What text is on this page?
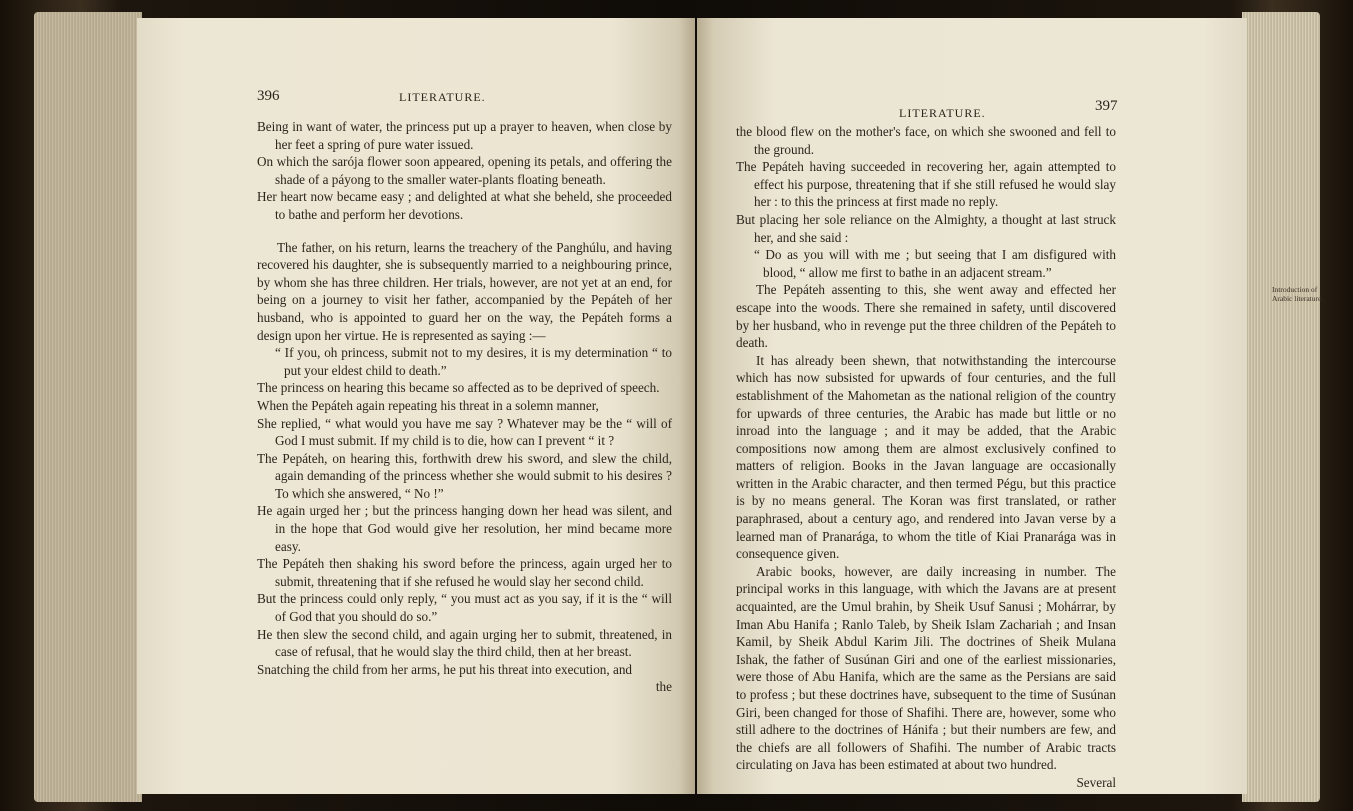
396	LITERATURE.

Being in want of water, the princess put up a prayer to heaven, when close by her feet a spring of pure water issued.

On which the sarója flower soon appeared, opening its petals, and offering the shade of a páyong to the smaller water-plants floating beneath.

Her heart now became easy ; and delighted at what she beheld, she proceeded to bathe and perform her devotions.

The father, on his return, learns the treachery of the Panghúlu, and having recovered his daughter, she is subsequently married to a neighbouring prince, by whom she has three children. Her trials, however, are not yet at an end, for being on a journey to visit her father, accompanied by the Pepáteh of her husband, who is appointed to guard her on the way, the Pepáteh forms a design upon her virtue. He is represented as saying :—

“ If you, oh princess, submit not to my desires, it is my determination “ to put your eldest child to death.”

The princess on hearing this became so affected as to be deprived of speech.

When the Pepáteh again repeating his threat in a solemn manner,

She replied, “ what would you have me say ? Whatever may be the “ will of God I must submit. If my child is to die, how can I prevent “ it ?

The Pepáteh, on hearing this, forthwith drew his sword, and slew the child, again demanding of the princess whether she would submit to his desires ? To which she answered, “ No !”

He again urged her ; but the princess hanging down her head was silent, and in the hope that God would give her resolution, her mind became more easy.

The Pepáteh then shaking his sword before the princess, again urged her to submit, threatening that if she refused he would slay her second child.

But the princess could only reply, “ you must act as you say, if it is the “ will of God that you should do so.”

He then slew the second child, and again urging her to submit, threatened, in case of refusal, that he would slay the third child, then at her breast.

Snatching the child from her arms, he put his threat into execution, and

the

LITERATURE.	397

the blood flew on the mother's face, on which she swooned and fell to the ground.

The Pepáteh having succeeded in recovering her, again attempted to effect his purpose, threatening that if she still refused he would slay her : to this the princess at first made no reply.

But placing her sole reliance on the Almighty, a thought at last struck her, and she said :

“ Do as you will with me ; but seeing that I am disfigured with blood, “ allow me first to bathe in an adjacent stream.”

The Pepáteh assenting to this, she went away and effected her escape into the woods. There she remained in safety, until discovered by her husband, who in revenge put the three children of the Pepáteh to death.

It has already been shewn, that notwithstanding the intercourse which has now subsisted for upwards of four centuries, and the full establishment of the Mahometan as the national religion of the country for upwards of three centuries, the Arabic has made but little or no inroad into the language ; and it may be added, that the Arabic compositions now among them are almost exclusively confined to matters of religion. Books in the Javan language are occasionally written in the Arabic character, and then termed Pégu, but this practice is by no means general. The Koran was first translated, or rather paraphrased, about a century ago, and rendered into Javan verse by a learned man of Pranarága, to whom the title of Kiai Pranarága was in consequence given.

Arabic books, however, are daily increasing in number. The principal works in this language, with which the Javans are at present acquainted, are the Umul brahin, by Sheik Usuf Sanusi ; Mohárrar, by Iman Abu Hanifa ; Ranlo Taleb, by Sheik Islam Zachariah ; and Insan Kamil, by Sheik Abdul Karim Jili. The doctrines of Sheik Mulana Ishak, the father of Susúnan Giri and one of the earliest missionaries, were those of Abu Hanifa, which are the same as the Persians are said to profess ; but these doctrines have, subsequent to the time of Susúnan Giri, been changed for those of Shafihi. There are, however, some who still adhere to the doctrines of Hánifa ; but their numbers are few, and the chiefs are all followers of Shafihi. The number of Arabic tracts circulating on Java has been estimated at about two hundred.

Several

Introduction of Arabic literature.
